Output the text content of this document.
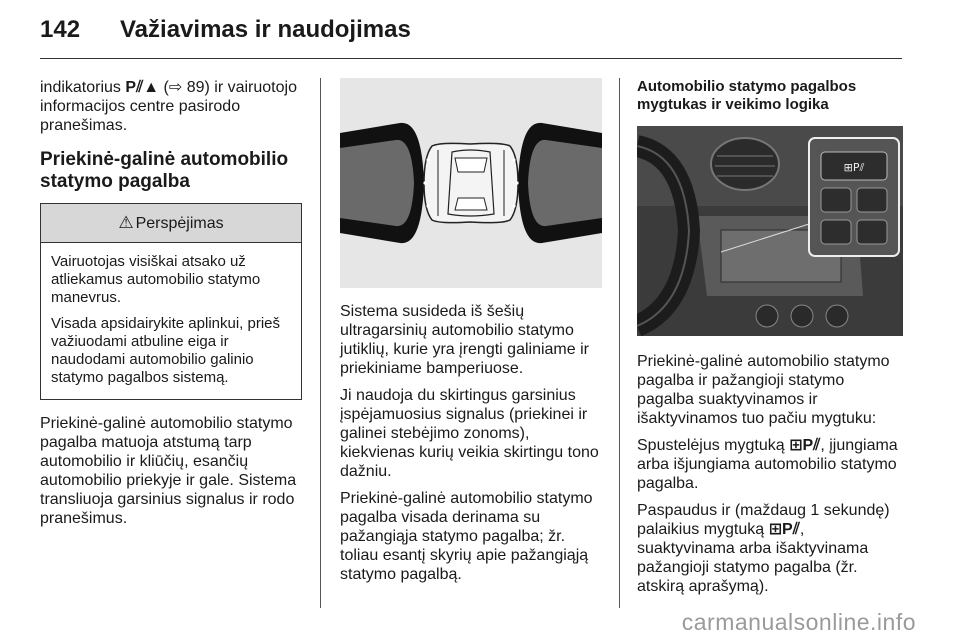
142 Važiavimas ir naudojimas

indikatorius P⫽▲ (⇨ 89) ir vairuotojo informacijos centre pasirodo pranešimas.

Priekinė-galinė automobilio statymo pagalba
⚠ Perspėjimas

Vairuotojas visiškai atsako už atliekamus automobilio statymo manevrus.

Visada apsidairykite aplinkui, prieš važiuodami atbuline eiga ir naudodami automobilio galinio statymo pagalbos sistemą.

Priekinė-galinė automobilio statymo pagalba matuoja atstumą tarp automobilio ir kliūčių, esančių automobilio priekyje ir gale. Sistema transliuoja garsinius signalus ir rodo pranešimus.

Sistema susideda iš šešių ultragarsinių automobilio statymo jutiklių, kurie yra įrengti galiniame ir priekiniame bamperiuose.

Ji naudoja du skirtingus garsinius įspėjamuosius signalus (priekinei ir galinei stebėjimo zonoms), kiekvienas kurių veikia skirtingu tono dažniu.

Priekinė-galinė automobilio statymo pagalba visada derinama su pažangiąja statymo pagalba; žr. toliau esantį skyrių apie pažangiąją statymo pagalbą.

Automobilio statymo pagalbos mygtukas ir veikimo logika
⊞P⫽

Priekinė-galinė automobilio statymo pagalba ir pažangioji statymo pagalba suaktyvinamos ir išaktyvinamos tuo pačiu mygtuku:

Spustelėjus mygtuką ⊞P⫽, įjungiama arba išjungiama automobilio statymo pagalba.

Paspaudus ir (maždaug 1 sekundę) palaikius mygtuką ⊞P⫽, suaktyvinama arba išaktyvinama pažangioji statymo pagalba (žr. atskirą aprašymą).

carmanualsonline.info
